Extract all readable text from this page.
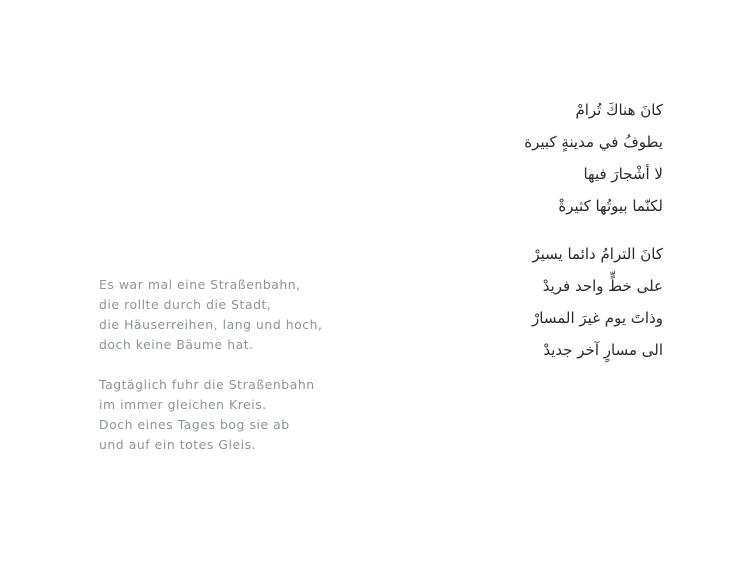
كانَ هناكَ تُرامْ
يطوفُ في مدينةٍ كبيرة
لا أشْجارَ فيها
لكنّما بيوتُها كثيرةْ
كانَ الترامُ دائما يسيرْ
على خطٍّ واحد فريدْ
وذاتَ يوم غيرَ المسارْ
الى مسارٍ آخر جديدْ
Es war mal eine Straßenbahn,
die rollte durch die Stadt,
die Häuserreihen, lang und hoch,
doch keine Bäume hat.
Tagtäglich fuhr die Straßenbahn
im immer gleichen Kreis.
Doch eines Tages bog sie ab
und auf ein totes Gleis.
